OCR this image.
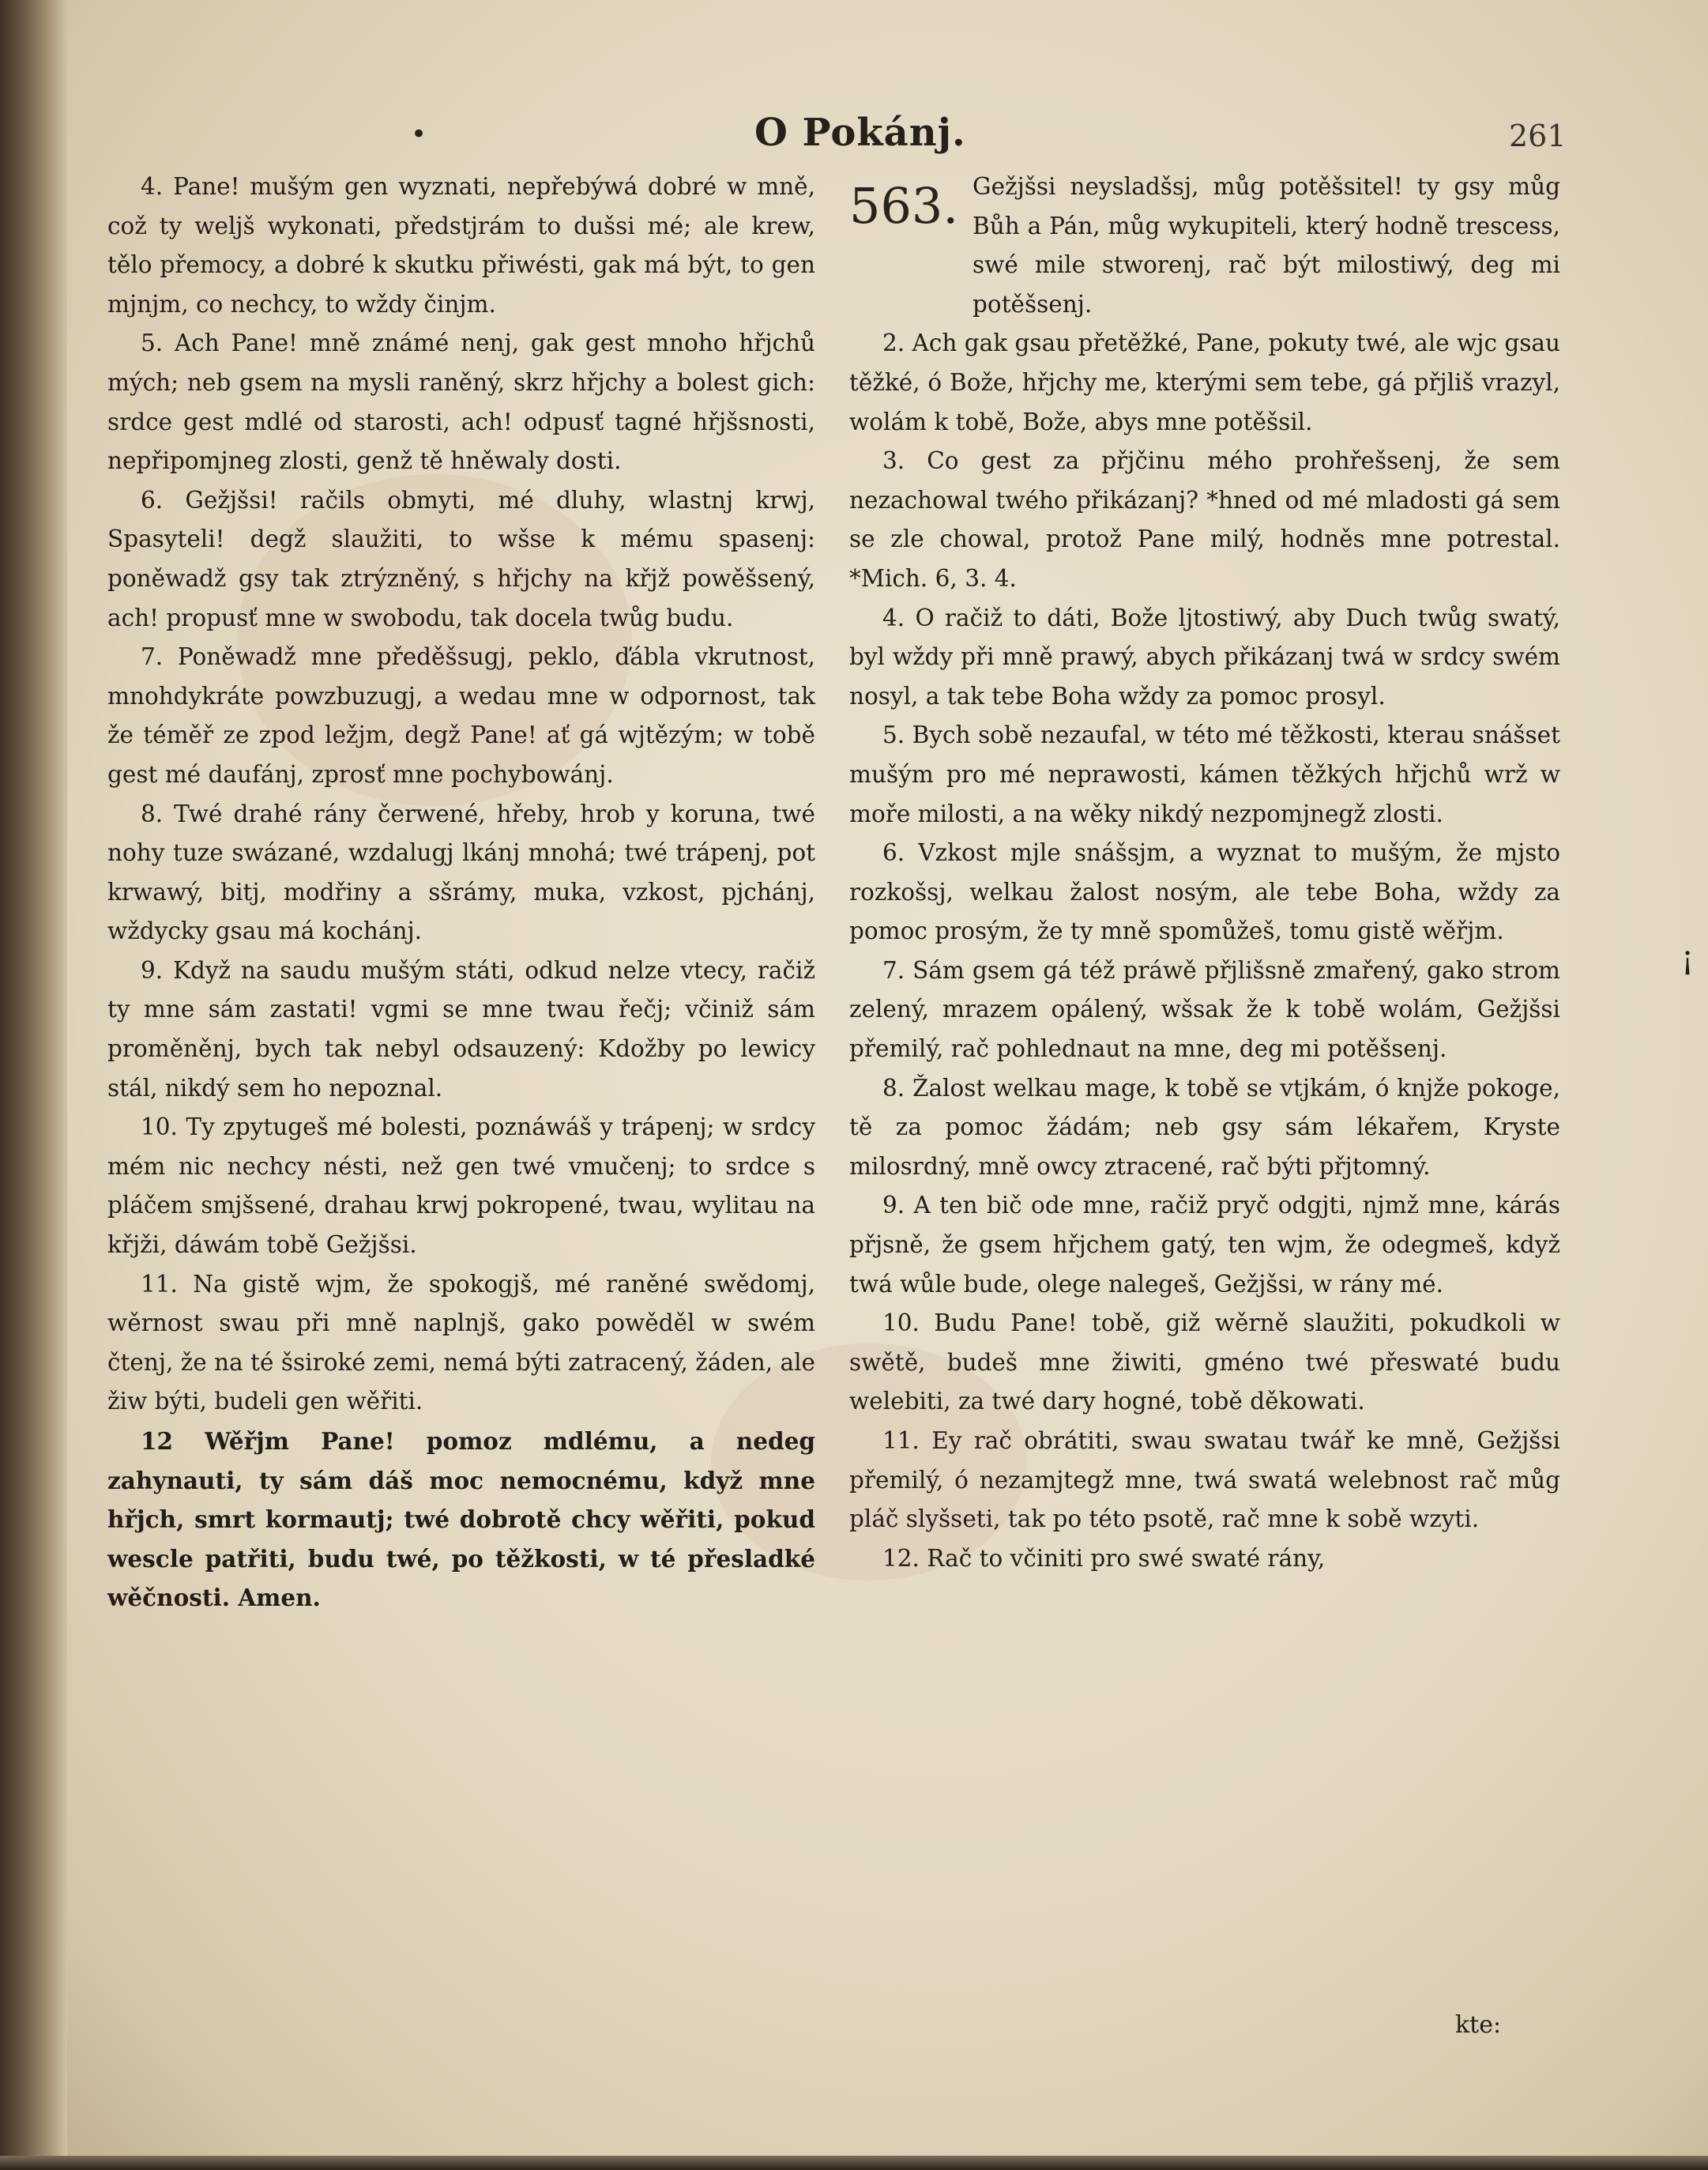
•	O Pokánj.	261

4. Pane! mušým gen wyznati, nepřebýwá dobré w mně, což ty weljš wykonati, předstjrám to dušsi mé; ale krew, tělo přemocy, a dobré k skutku přiwésti, gak má být, to gen mjnjm, co nechcy, to wždy činjm.

5. Ach Pane! mně známé nenj, gak gest mnoho hřjchů mých; neb gsem na mysli raněný, skrz hřjchy a bolest gich: srdce gest mdlé od starosti, ach! odpusť tagné hřjšsnosti, nepřipomjneg zlosti, genž tě hněwaly dosti.

6. Gežjšsi! račils obmyti, mé dluhy, wlastnj krwj, Spasyteli! degž slaužiti, to wšse k mému spasenj: poněwadž gsy tak ztrýzněný, s hřjchy na křjž powěšsený, ach! propusť mne w swobodu, tak docela twůg budu.

7. Poněwadž mne předěšsugj, peklo, ďábla vkrutnost, mnohdykráte powzbuzugj, a wedau mne w odpornost, tak že téměř ze zpod ležjm, degž Pane! ať gá wjtězým; w tobě gest mé daufánj, zprosť mne pochybowánj.

8. Twé drahé rány čerwené, hřeby, hrob y koruna, twé nohy tuze swázané, wzdalugj lkánj mnohá; twé trápenj, pot krwawý, bitj, modřiny a sšrámy, muka, vzkost, pjchánj, wždycky gsau má kochánj.

9. Když na saudu mušým státi, odkud nelze vtecy, račiž ty mne sám zastati! vgmi se mne twau řečj; včiniž sám proměněnj, bych tak nebyl odsauzený: Kdožby po lewicy stál, nikdý sem ho nepoznal.

10. Ty zpytugeš mé bolesti, poznáwáš y trápenj; w srdcy mém nic nechcy nésti, než gen twé vmučenj; to srdce s pláčem smjšsené, drahau krwj pokropené, twau, wylitau na křjži, dáwám tobě Gežjšsi.

11. Na gistě wjm, že spokogjš, mé raněné swědomj, wěrnost swau při mně naplnjš, gako powěděl w swém čtenj, že na té šsiroké zemi, nemá býti zatracený, žáden, ale žiw býti, budeli gen wěřiti.

12 Wěřjm Pane! pomoz mdlému, a nedeg zahynauti, ty sám dáš moc nemocnému, když mne hřjch, smrt kormautj; twé dobrotě chcy wěřiti, pokud wescle patřiti, budu twé, po těžkosti, w té přesladké wěčnosti. Amen.

563. Gežjšsi neysladšsj, můg potěšsitel! ty gsy můg Bůh a Pán, můg wykupiteli, který hodně trescess, swé mile stworenj, rač být milostiwý, deg mi potěšsenj.

2. Ach gak gsau přetěžké, Pane, pokuty twé, ale wjc gsau těžké, ó Bože, hřjchy me, kterými sem tebe, gá přjliš vrazyl, wolám k tobě, Bože, abys mne potěšsil.

3. Co gest za přjčinu mého prohřešsenj, že sem nezachowal twého přikázanj? *hned od mé mladosti gá sem se zle chowal, protož Pane milý, hodněs mne potrestal. *Mich. 6, 3. 4.

4. O račiž to dáti, Bože ljtostiwý, aby Duch twůg swatý, byl wždy při mně prawý, abych přikázanj twá w srdcy swém nosyl, a tak tebe Boha wždy za pomoc prosyl.

5. Bych sobě nezaufal, w této mé těžkosti, kterau snášset mušým pro mé neprawosti, kámen těžkých hřjchů wrž w moře milosti, a na wěky nikdý nezpomjnegž zlosti.

6. Vzkost mjle snášsjm, a wyznat to mušým, že mjsto rozkošsj, welkau žalost nosým, ale tebe Boha, wždy za pomoc prosým, že ty mně spomůžeš, tomu gistě wěřjm.

7. Sám gsem gá též práwě přjlišsně zmařený, gako strom zelený, mrazem opálený, wšsak že k tobě wolám, Gežjšsi přemilý, rač pohlednaut na mne, deg mi potěšsenj.

8. Žalost welkau mage, k tobě se vtjkám, ó knjže pokoge, tě za pomoc žádám; neb gsy sám lékařem, Kryste milosrdný, mně owcy ztracené, rač býti přjtomný.

9. A ten bič ode mne, račiž pryč odgjti, njmž mne, kárás přjsně, že gsem hřjchem gatý, ten wjm, že odegmeš, když twá wůle bude, olege nalegeš, Gežjšsi, w rány mé.

10. Budu Pane! tobě, giž wěrně slaužiti, pokudkoli w swětě, budeš mne žiwiti, gméno twé přeswaté budu welebiti, za twé dary hogné, tobě děkowati.

11. Ey rač obrátiti, swau swatau twář ke mně, Gežjšsi přemilý, ó nezamjtegž mne, twá swatá welebnost rač můg pláč slyšseti, tak po této psotě, rač mne k sobě wzyti.

12. Rač to včiniti pro swé swaté rány,

kte:
¡
